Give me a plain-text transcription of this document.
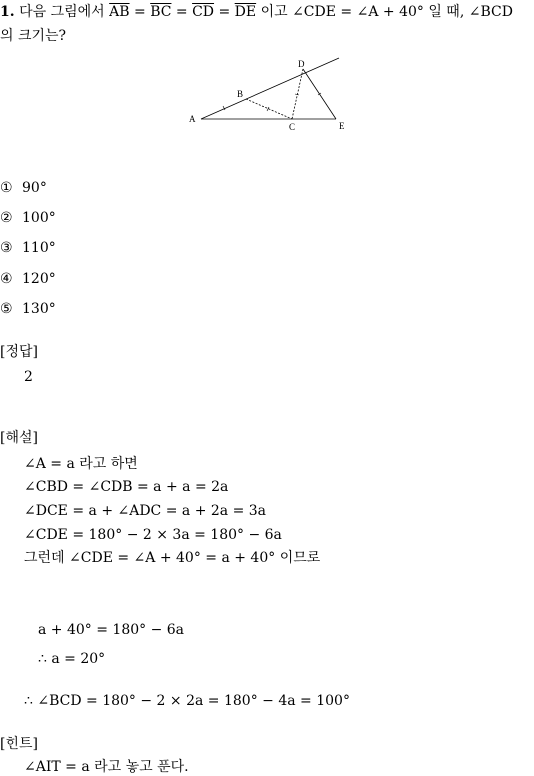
1. 다음 그림에서 $\overline{AB} = \overline{BC} = \overline{CD} = \overline{DE}$ 이고 ∠CDE = ∠A + 40° 일 때, ∠BCD
의 크기는?
A
B
C
D
E
① 90°
② 100°
③ 110°
④ 120°
⑤ 130°
[정답]
2
[해설]
∠A = a 라고 하면
∠CBD = ∠CDB = a + a = 2a
∠DCE = a + ∠ADC = a + 2a = 3a
∠CDE = 180° − 2 × 3a = 180° − 6a
그런데 ∠CDE = ∠A + 40° = a + 40° 이므로
a + 40° = 180° − 6a
∴ a = 20°
∴ ∠BCD = 180° − 2 × 2a = 180° − 4a = 100°
[힌트]
∠AIT = a 라고 놓고 푼다.
